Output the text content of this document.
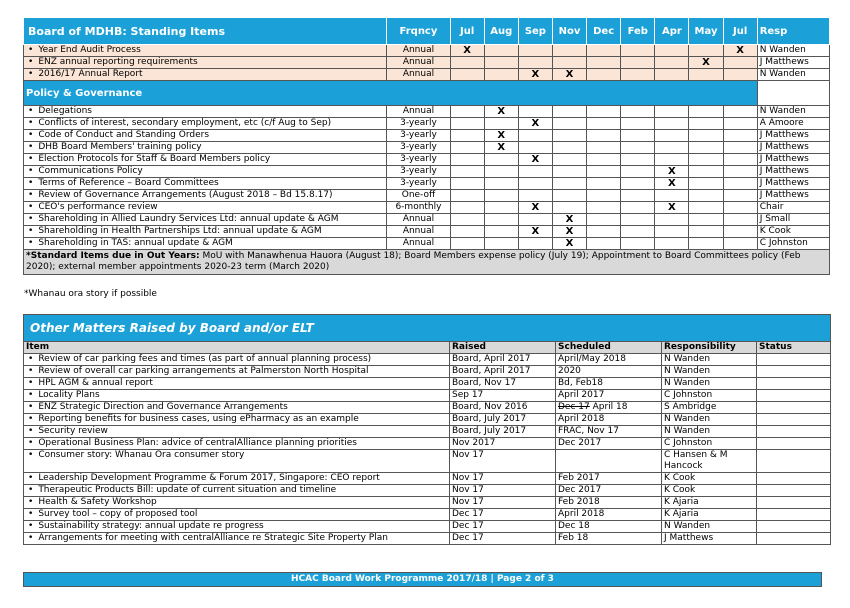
Board of MDHB: Standing Items	Frqncy	Jul	Aug	Sep	Nov	Dec	Feb	Apr	May	Jul	Resp
• Year End Audit Process	Annual	X								X	N Wanden
• ENZ annual reporting requirements	Annual								X		J Matthews
• 2016/17 Annual Report	Annual			X	X						N Wanden
Policy & Governance											
• Delegations	Annual		X								N Wanden
• Conflicts of interest, secondary employment, etc (c/f Aug to Sep)	3-yearly			X							A Amoore
• Code of Conduct and Standing Orders	3-yearly		X								J Matthews
• DHB Board Members' training policy	3-yearly		X								J Matthews
• Election Protocols for Staff & Board Members policy	3-yearly			X							J Matthews
• Communications Policy	3-yearly							X			J Matthews
• Terms of Reference – Board Committees	3-yearly							X			J Matthews
• Review of Governance Arrangements (August 2018 – Bd 15.8.17)	One-off										J Matthews
• CEO's performance review	6-monthly			X				X			Chair
• Shareholding in Allied Laundry Services Ltd: annual update & AGM	Annual				X						J Small
• Shareholding in Health Partnerships Ltd: annual update & AGM	Annual			X	X						K Cook
• Shareholding in TAS: annual update & AGM	Annual				X						C Johnston
*Standard Items due in Out Years: MoU with Manawhenua Hauora (August 18); Board Members expense policy (July 19); Appointment to Board Committees policy (Feb 2020); external member appointments 2020-23 term (March 2020)											
*Whanau ora story if possible
Other Matters Raised by Board and/or ELT				
Item	Raised	Scheduled	Responsibility	Status
• Review of car parking fees and times (as part of annual planning process)	Board, April 2017	April/May 2018	N Wanden	
• Review of overall car parking arrangements at Palmerston North Hospital	Board, April 2017	2020	N Wanden	
• HPL AGM & annual report	Board, Nov 17	Bd, Feb18	N Wanden	
• Locality Plans	Sep 17	April 2017	C Johnston	
• ENZ Strategic Direction and Governance Arrangements	Board, Nov 2016	Dec 17 April 18	S Ambridge	
• Reporting benefits for business cases, using ePharmacy as an example	Board, July 2017	April 2018	N Wanden	
• Security review	Board, July 2017	FRAC, Nov 17	N Wanden	
• Operational Business Plan: advice of centralAlliance planning priorities	Nov 2017	Dec 2017	C Johnston	
• Consumer story: Whanau Ora consumer story	Nov 17		C Hansen & M Hancock	
• Leadership Development Programme & Forum 2017, Singapore: CEO report	Nov 17	Feb 2017	K Cook	
• Therapeutic Products Bill: update of current situation and timeline	Nov 17	Dec 2017	K Cook	
• Health & Safety Workshop	Nov 17	Feb 2018	K Ajaria	
• Survey tool – copy of proposed tool	Dec 17	April 2018	K Ajaria	
• Sustainability strategy: annual update re progress	Dec 17	Dec 18	N Wanden	
• Arrangements for meeting with centralAlliance re Strategic Site Property Plan	Dec 17	Feb 18	J Matthews	
HCAC Board Work Programme 2017/18 | Page 2 of 3
